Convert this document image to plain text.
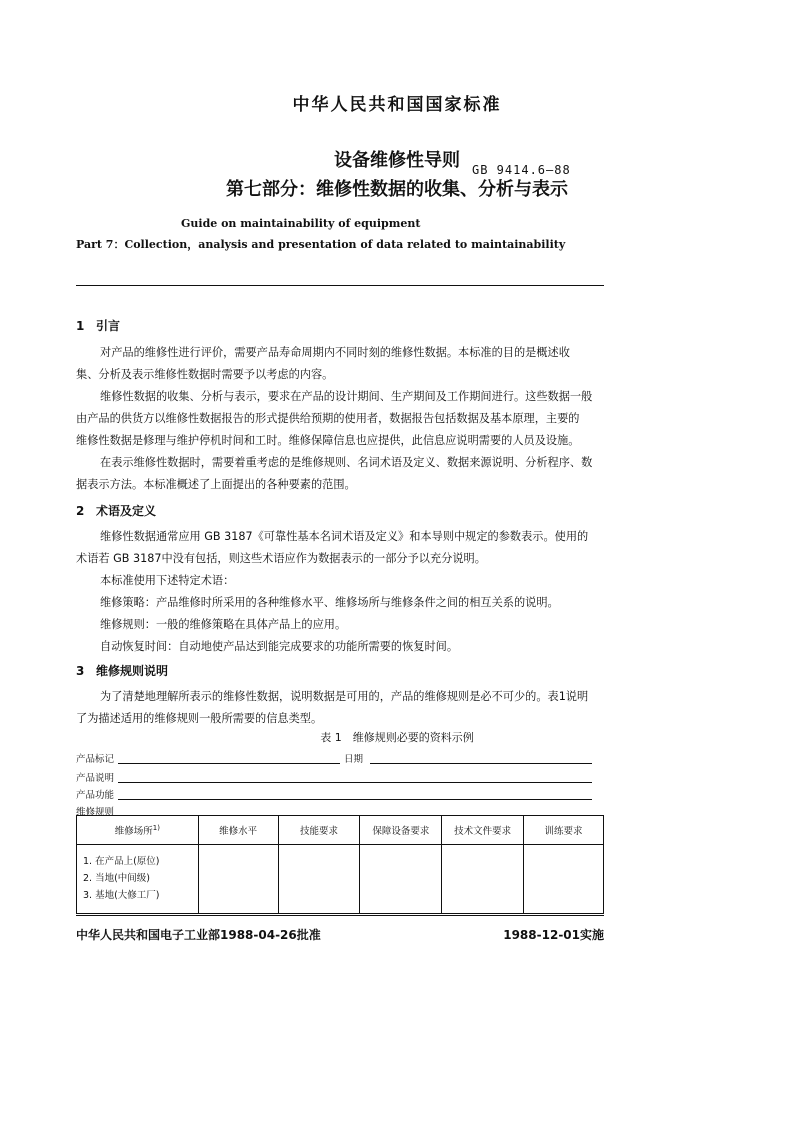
中华人民共和国国家标准
设备维修性导则
第七部分：维修性数据的收集、分析与表示
GB 9414.6—88
Guide on maintainability of equipment
Part 7：Collection，analysis and presentation of data related to maintainability
1 引言
对产品的维修性进行评价，需要产品寿命周期内不同时刻的维修性数据。本标准的目的是概述收
集、分析及表示维修性数据时需要予以考虑的内容。
维修性数据的收集、分析与表示，要求在产品的设计期间、生产期间及工作期间进行。这些数据一般
由产品的供货方以维修性数据报告的形式提供给预期的使用者，数据报告包括数据及基本原理，主要的
维修性数据是修理与维护停机时间和工时。维修保障信息也应提供，此信息应说明需要的人员及设施。
在表示维修性数据时，需要着重考虑的是维修规则、名词术语及定义、数据来源说明、分析程序、数
据表示方法。本标准概述了上面提出的各种要素的范围。
2 术语及定义
维修性数据通常应用 GB 3187《可靠性基本名词术语及定义》和本导则中规定的参数表示。使用的
术语若 GB 3187中没有包括，则这些术语应作为数据表示的一部分予以充分说明。
本标准使用下述特定术语：
维修策略：产品维修时所采用的各种维修水平、维修场所与维修条件之间的相互关系的说明。
维修规则：一般的维修策略在具体产品上的应用。
自动恢复时间：自动地使产品达到能完成要求的功能所需要的恢复时间。
3 维修规则说明
为了清楚地理解所表示的维修性数据，说明数据是可用的，产品的维修规则是必不可少的。表1说明
了为描述适用的维修规则一般所需要的信息类型。
表 1　维修规则必要的资料示例
产品标记	日期
产品说明
产品功能
维修规则
维修场所$^{1)}$	维修水平	技能要求	保障设备要求	技术文件要求	训练要求

1. 在产品上(原位)
2. 当地(中间级)
3. 基地(大修工厂)					

中华人民共和国电子工业部1988-04-26批准	1988-12-01实施
